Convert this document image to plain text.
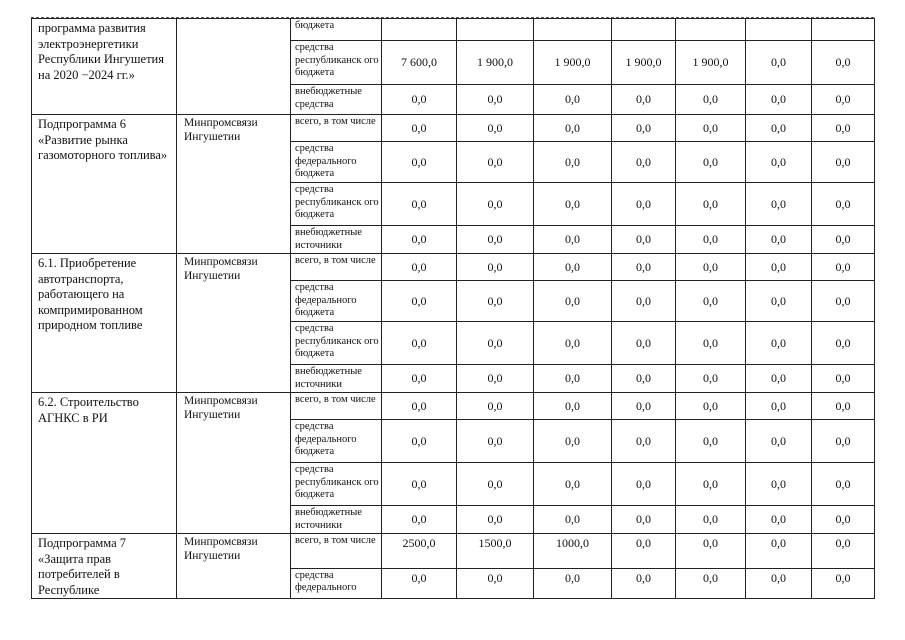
программа развития электроэнергетики Республики Ингушетия на 2020 −2024 гг.»		бюджета							
		средства республиканск ого бюджета	7 600,0	1 900,0	1 900,0	1 900,0	1 900,0	0,0	0,0
		внебюджетные средства	0,0	0,0	0,0	0,0	0,0	0,0	0,0
Подпрограмма 6 «Развитие рынка газомоторного топлива»	Минпромсвязи Ингушетии	всего, в том числе	0,0	0,0	0,0	0,0	0,0	0,0	0,0
		средства федерального бюджета	0,0	0,0	0,0	0,0	0,0	0,0	0,0
		средства республиканск ого бюджета	0,0	0,0	0,0	0,0	0,0	0,0	0,0
		внебюджетные источники	0,0	0,0	0,0	0,0	0,0	0,0	0,0
6.1. Приобретение автотранспорта, работающего на компримированном природном топливе	Минпромсвязи Ингушетии	всего, в том числе	0,0	0,0	0,0	0,0	0,0	0,0	0,0
		средства федерального бюджета	0,0	0,0	0,0	0,0	0,0	0,0	0,0
		средства республиканск ого бюджета	0,0	0,0	0,0	0,0	0,0	0,0	0,0
		внебюджетные источники	0,0	0,0	0,0	0,0	0,0	0,0	0,0
6.2. Строительство АГНКС в РИ	Минпромсвязи Ингушетии	всего, в том числе	0,0	0,0	0,0	0,0	0,0	0,0	0,0
		средства федерального бюджета	0,0	0,0	0,0	0,0	0,0	0,0	0,0
		средства республиканск ого бюджета	0,0	0,0	0,0	0,0	0,0	0,0	0,0
		внебюджетные источники	0,0	0,0	0,0	0,0	0,0	0,0	0,0
Подпрограмма 7 «Защита прав потребителей в Республике	Минпромсвязи Ингушетии	всего, в том числе	2500,0	1500,0	1000,0	0,0	0,0	0,0	0,0
		средства федерального	0,0	0,0	0,0	0,0	0,0	0,0	0,0
